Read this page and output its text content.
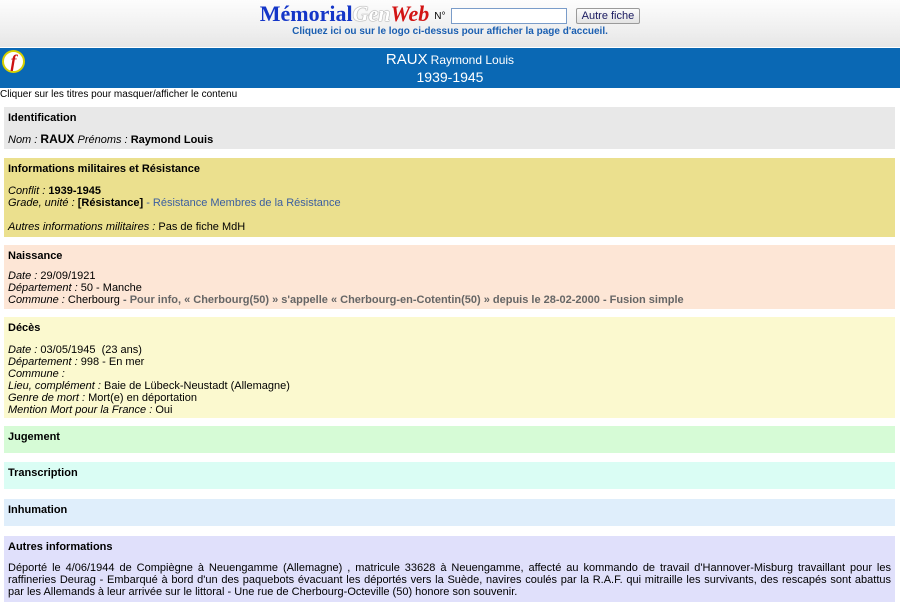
MémorialGenWeb N°	Autre fiche
Cliquez ici ou sur le logo ci-dessus pour afficher la page d'accueil.
f	RAUX Raymond Louis
1939-1945
Cliquer sur les titres pour masquer/afficher le contenu
Identification
Nom : RAUX Prénoms : Raymond Louis
Informations militaires et Résistance
Conflit : 1939-1945
Grade, unité : [Résistance] - Résistance Membres de la Résistance
Autres informations militaires : Pas de fiche MdH
Naissance
Date : 29/09/1921
Département : 50 - Manche
Commune : Cherbourg - Pour info, « Cherbourg(50) » s'appelle « Cherbourg-en-Cotentin(50) » depuis le 28-02-2000 - Fusion simple
Décès
Date : 03/05/1945  (23 ans)
Département : 998 - En mer
Commune :
Lieu, complément : Baie de Lübeck-Neustadt (Allemagne)
Genre de mort : Mort(e) en déportation
Mention Mort pour la France : Oui
Jugement
Transcription
Inhumation
Autres informations
Déporté le 4/06/1944 de Compiègne à Neuengamme (Allemagne) , matricule 33628 à Neuengamme, affecté au kommando de travail d'Hannover-Misburg travaillant pour les raffineries Deurag - Embarqué à bord d'un des paquebots évacuant les déportés vers la Suède, navires coulés par la R.A.F. qui mitraille les survivants, des rescapés sont abattus par les Allemands à leur arrivée sur le littoral - Une rue de Cherbourg-Octeville (50) honore son souvenir.
